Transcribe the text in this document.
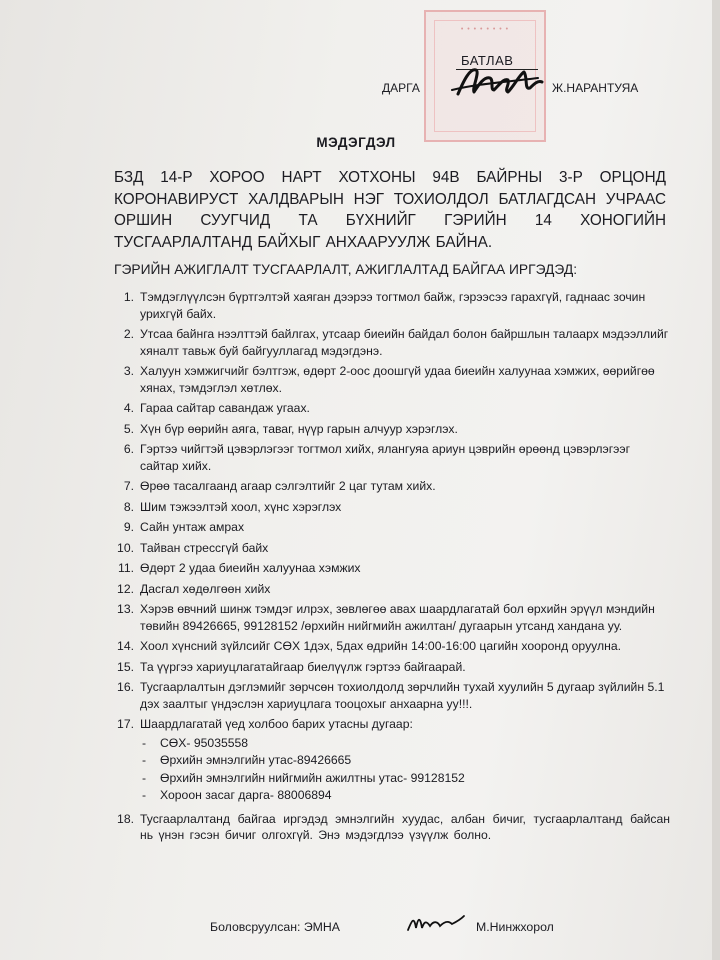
• • • • • • • •
БАТЛАВ
ДАРГА	Ж.НАРАНТУЯА
МЭДЭГДЭЛ
БЗД 14-Р ХОРОО НАРТ ХОТХОНЫ 94В БАЙРНЫ 3-Р ОРЦОНД КОРОНАВИРУСТ ХАЛДВАРЫН НЭГ ТОХИОЛДОЛ БАТЛАГДСАН УЧРААС ОРШИН СУУГЧИД ТА БҮХНИЙГ ГЭРИЙН 14 ХОНОГИЙН ТУСГААРЛАЛТАНД БАЙХЫГ АНХААРУУЛЖ БАЙНА.
ГЭРИЙН АЖИГЛАЛТ ТУСГААРЛАЛТ, АЖИГЛАЛТАД БАЙГАА ИРГЭДЭД:
1. Тэмдэглүүлсэн бүртгэлтэй хаяган дээрээ тогтмол байж, гэрээсээ гарахгүй, гаднаас зочин урихгүй байх.
2. Утсаа байнга нээлттэй байлгах, утсаар биеийн байдал болон байршлын талаарх мэдээллийг хяналт тавьж буй байгууллагад мэдэгдэнэ.
3. Халуун хэмжигчийг бэлтгэж, өдөрт 2-оос доошгүй удаа биеийн халуунаа хэмжих, өөрийгөө хянах, тэмдэглэл хөтлөх.
4. Гараа сайтар савандаж угаах.
5. Хүн бүр өөрийн аяга, таваг, нүүр гарын алчуур хэрэглэх.
6. Гэртээ чийгтэй цэвэрлэгээг тогтмол хийх, ялангуяа ариун цэврийн өрөөнд цэвэрлэгээг сайтар хийх.
7. Өрөө тасалгаанд агаар сэлгэлтийг 2 цаг тутам хийх.
8. Шим тэжээлтэй хоол, хүнс хэрэглэх
9. Сайн унтаж амрах
10. Тайван стрессгүй байх
11. Өдөрт 2 удаа биеийн халуунаа хэмжих
12. Дасгал хөдөлгөөн хийх
13. Хэрэв өвчний шинж тэмдэг илрэх, зөвлөгөө авах шаардлагатай бол өрхийн эрүүл мэндийн төвийн 89426665, 99128152 /өрхийн нийгмийн ажилтан/ дугаарын утсанд хандана уу.
14. Хоол хүнсний зүйлсийг СӨХ 1дэх, 5дах өдрийн 14:00-16:00 цагийн хооронд оруулна.
15. Та үүргээ хариуцлагатайгаар биелүүлж гэртээ байгаарай.
16. Тусгаарлалтын дэглэмийг зөрчсөн тохиолдолд зөрчлийн тухай хуулийн 5 дугаар зүйлийн 5.1 дэх заалтыг үндэслэн хариуцлага тооцохыг анхаарна уу!!!.
17. Шаардлагатай үед холбоо барих утасны дугаар:
-	СӨХ- 95035558
-	Өрхийн эмнэлгийн утас-89426665
-	Өрхийн эмнэлгийн нийгмийн ажилтны утас- 99128152
-	Хороон засаг дарга- 88006894
18. Тусгаарлалтанд байгаа иргэдэд эмнэлгийн хуудас, албан бичиг, тусгаарлалтанд байсан нь үнэн гэсэн бичиг олгохгүй. Энэ мэдэгдлээ үзүүлж болно.
Боловсруулсан: ЭМНА	М.Нинжхорол
